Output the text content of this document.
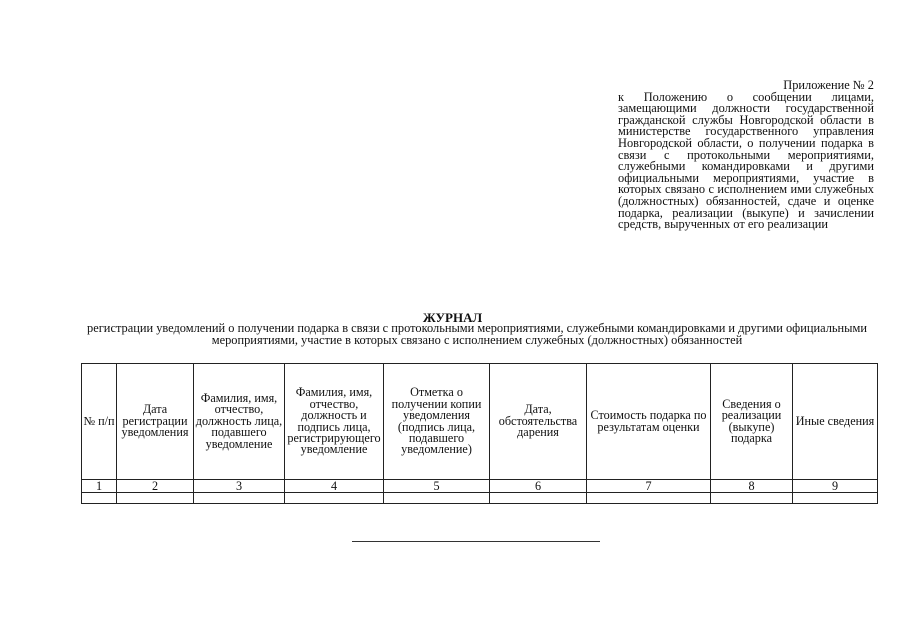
Приложение № 2
к Положению о сообщении лицами, замещающими должности государственной гражданской службы Новгородской области в министерстве государственного управления Новгородской области, о получении подарка в связи с протокольными мероприятиями, служебными командировками и другими официальными мероприятиями, участие в которых связано с исполнением ими служебных (должностных) обязанностей, сдаче и оценке подарка, реализации (выкупе) и зачислении средств, вырученных от его реализации
ЖУРНАЛ
регистрации уведомлений о получении подарка в связи с протокольными мероприятиями, служебными командировками и другими официальными мероприятиями, участие в которых связано с исполнением служебных (должностных) обязанностей
№ п/п	Дата регистрации уведомления	Фамилия, имя, отчество, должность лица, подавшего уведомление	Фамилия, имя, отчество, должность и подпись лица, регистрирующего уведомление	Отметка о получении копии уведомления (подпись лица, подавшего уведомление)	Дата, обстоятельства дарения	Стоимость подарка по результатам оценки	Сведения о реализации (выкупе) подарка	Иные сведения
1	2	3	4	5	6	7	8	9
